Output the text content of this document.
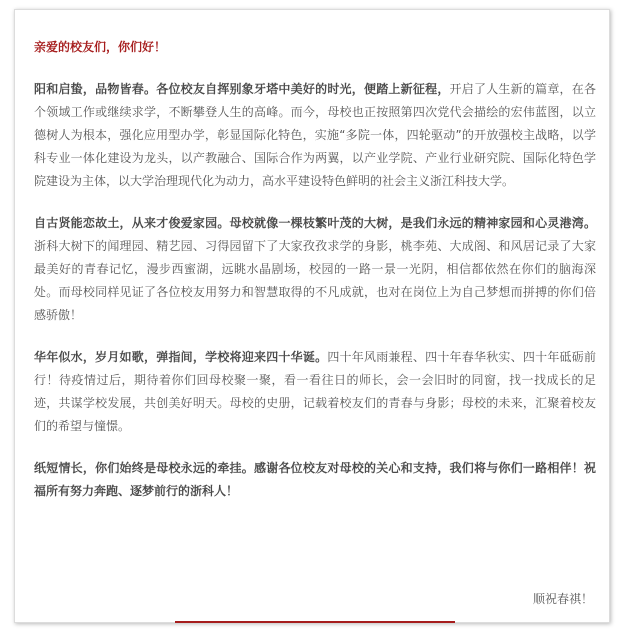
亲爱的校友们，你们好！

阳和启蛰，品物皆春。各位校友自挥别象牙塔中美好的时光，便踏上新征程，开启了人生新的篇章，在各个领域工作或继续求学，不断攀登人生的高峰。而今，母校也正按照第四次党代会描绘的宏伟蓝图，以立德树人为根本，强化应用型办学，彰显国际化特色，实施“多院一体，四轮驱动”的开放强校主战略，以学科专业一体化建设为龙头，以产教融合、国际合作为两翼，以产业学院、产业行业研究院、国际化特色学院建设为主体，以大学治理现代化为动力，高水平建设特色鲜明的社会主义浙江科技大学。

自古贤能恋故土，从来才俊爱家园。母校就像一棵枝繁叶茂的大树，是我们永远的精神家园和心灵港湾。浙科大树下的闻理园、精艺园、习得园留下了大家孜孜求学的身影，桃李苑、大成阁、和风居记录了大家最美好的青春记忆，漫步西蜜湖，远眺水晶剧场，校园的一路一景一光阴，相信都依然在你们的脑海深处。而母校同样见证了各位校友用努力和智慧取得的不凡成就，也对在岗位上为自己梦想而拼搏的你们倍感骄傲！

华年似水，岁月如歌，弹指间，学校将迎来四十华诞。四十年风雨兼程、四十年春华秋实、四十年砥砺前行！待疫情过后，期待着你们回母校聚一聚，看一看往日的师长，会一会旧时的同窗，找一找成长的足迹，共谋学校发展，共创美好明天。母校的史册，记载着校友们的青春与身影；母校的未来，汇聚着校友们的希望与憧憬。

纸短情长，你们始终是母校永远的牵挂。感谢各位校友对母校的关心和支持，我们将与你们一路相伴！祝福所有努力奔跑、逐梦前行的浙科人！

顺祝春祺！
